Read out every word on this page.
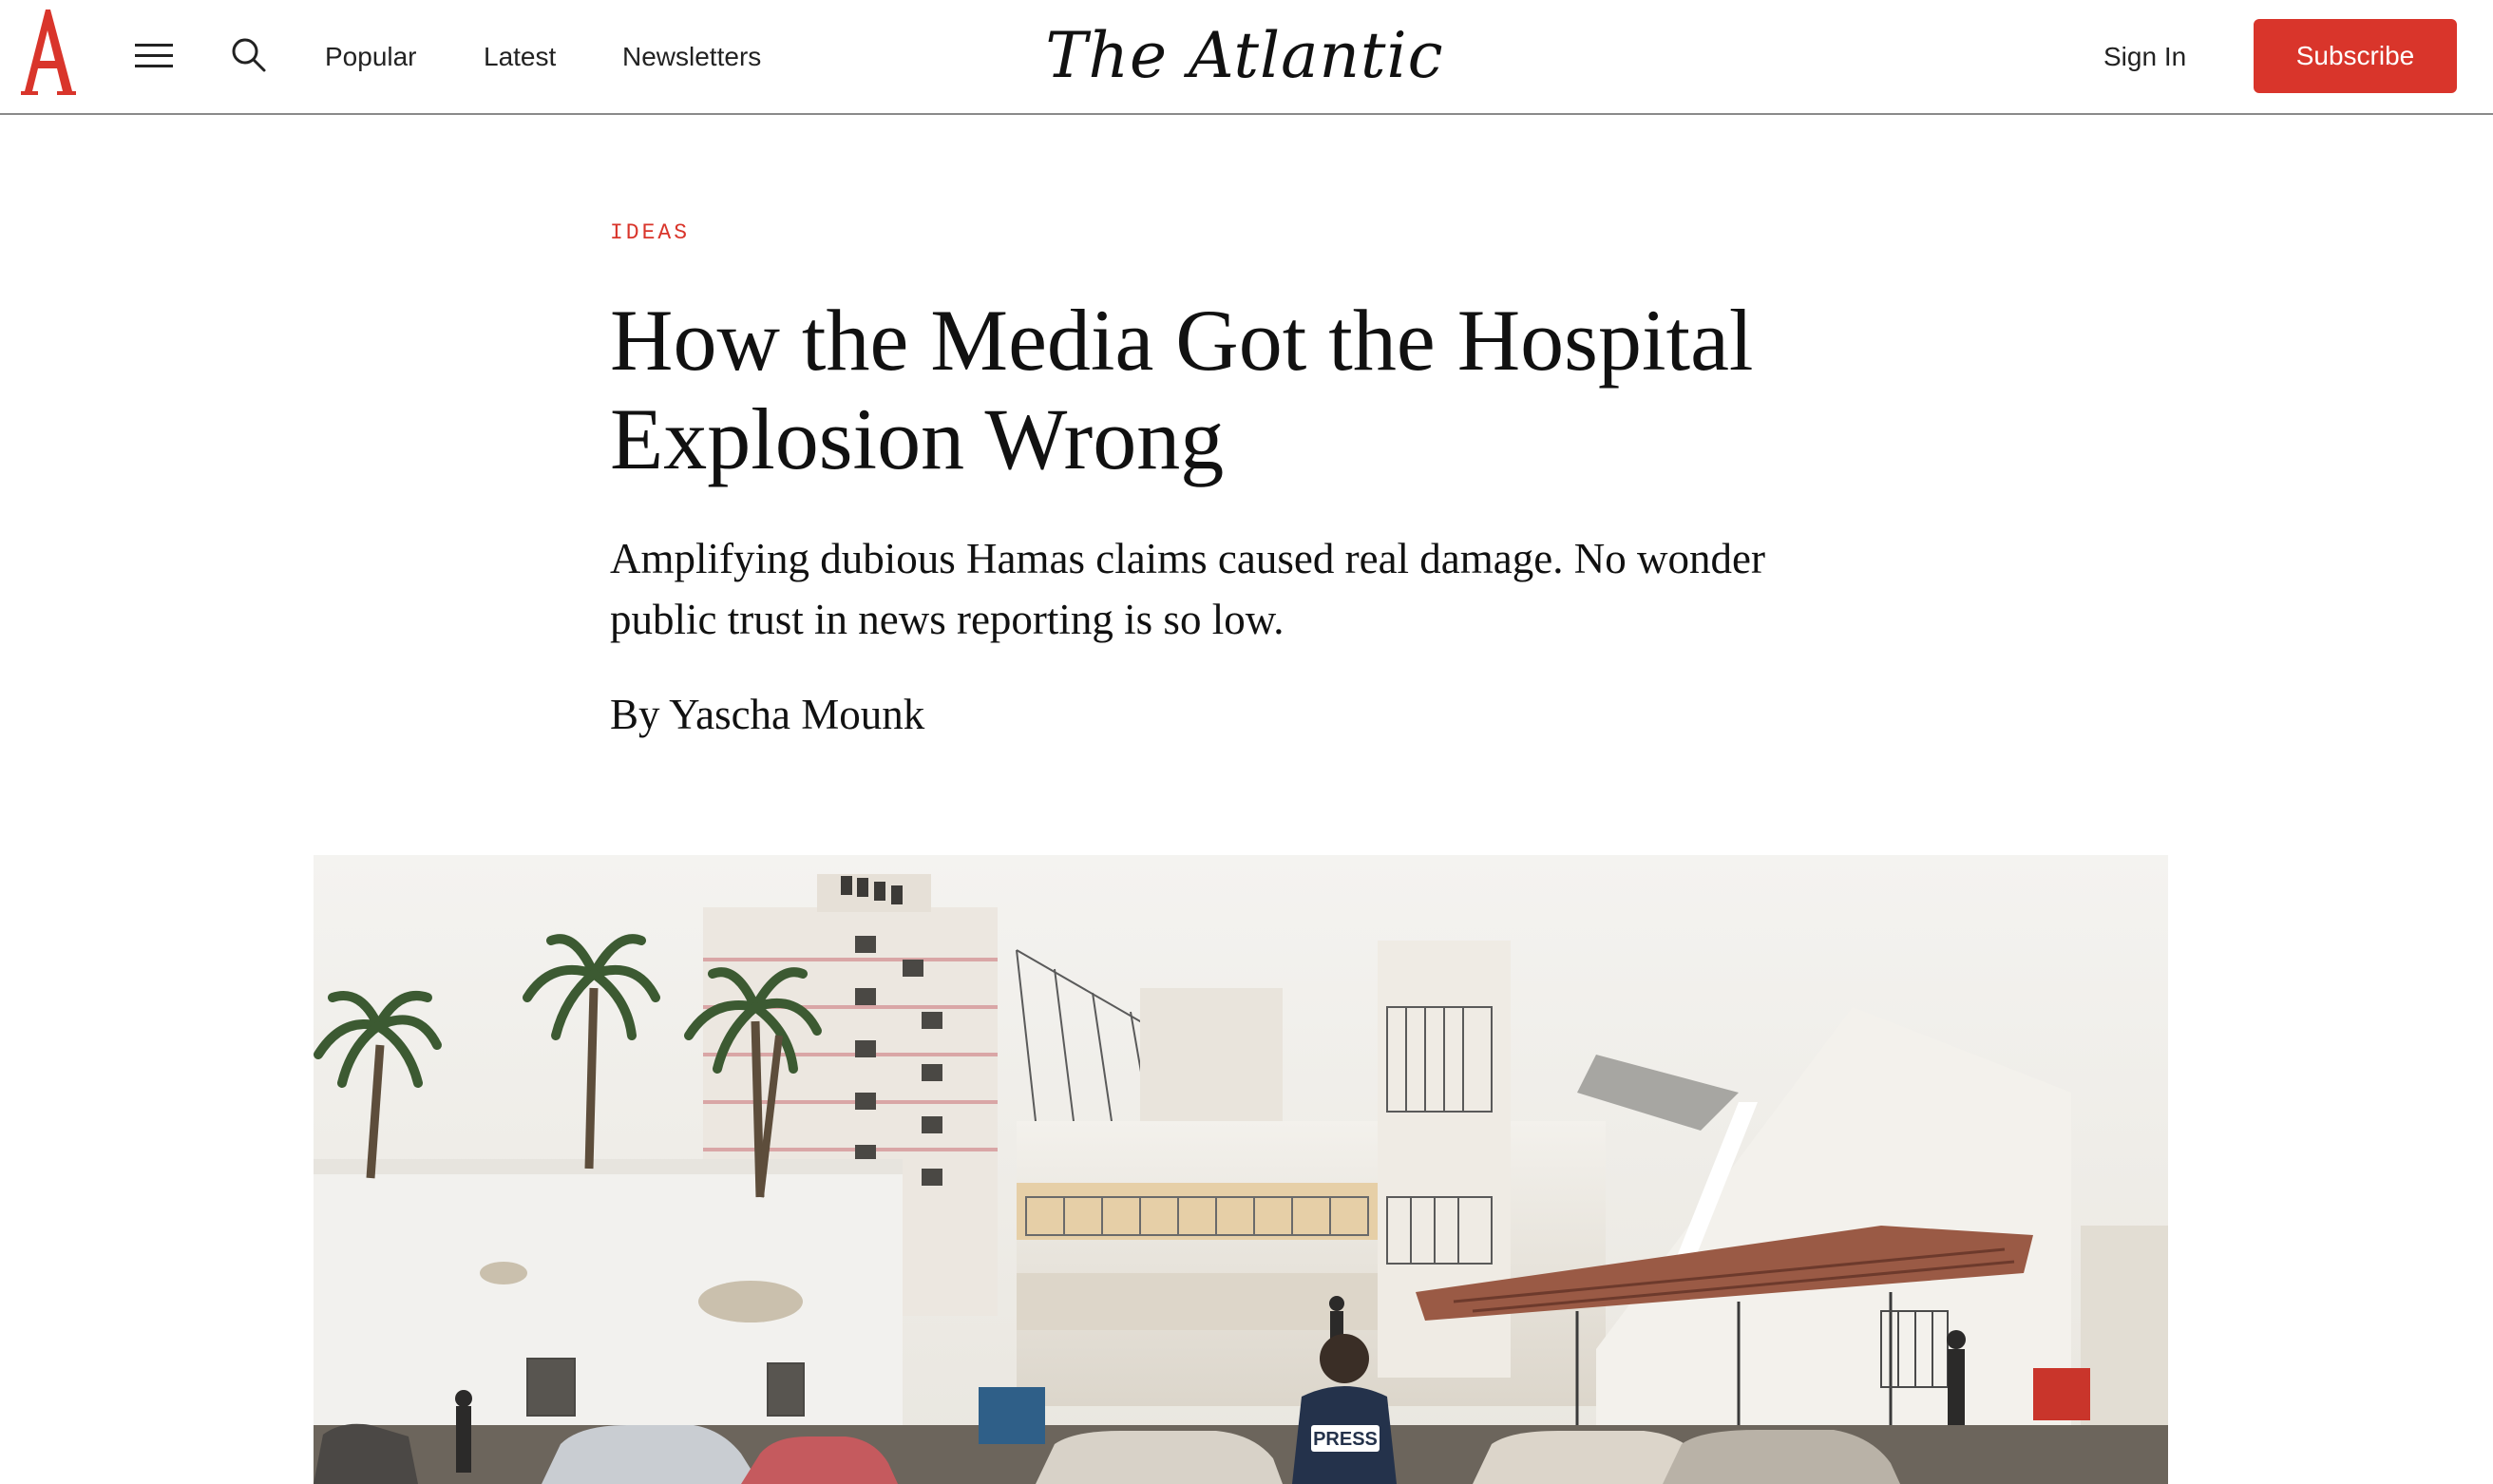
Popular	Latest Newsletters	The Atlantic	Sign In	Subscribe
IDEAS
How the Media Got the Hospital Explosion Wrong

Amplifying dubious Hamas claims caused real damage. No wonder public trust in news reporting is so low.

By Yascha Mounk
PRESS
